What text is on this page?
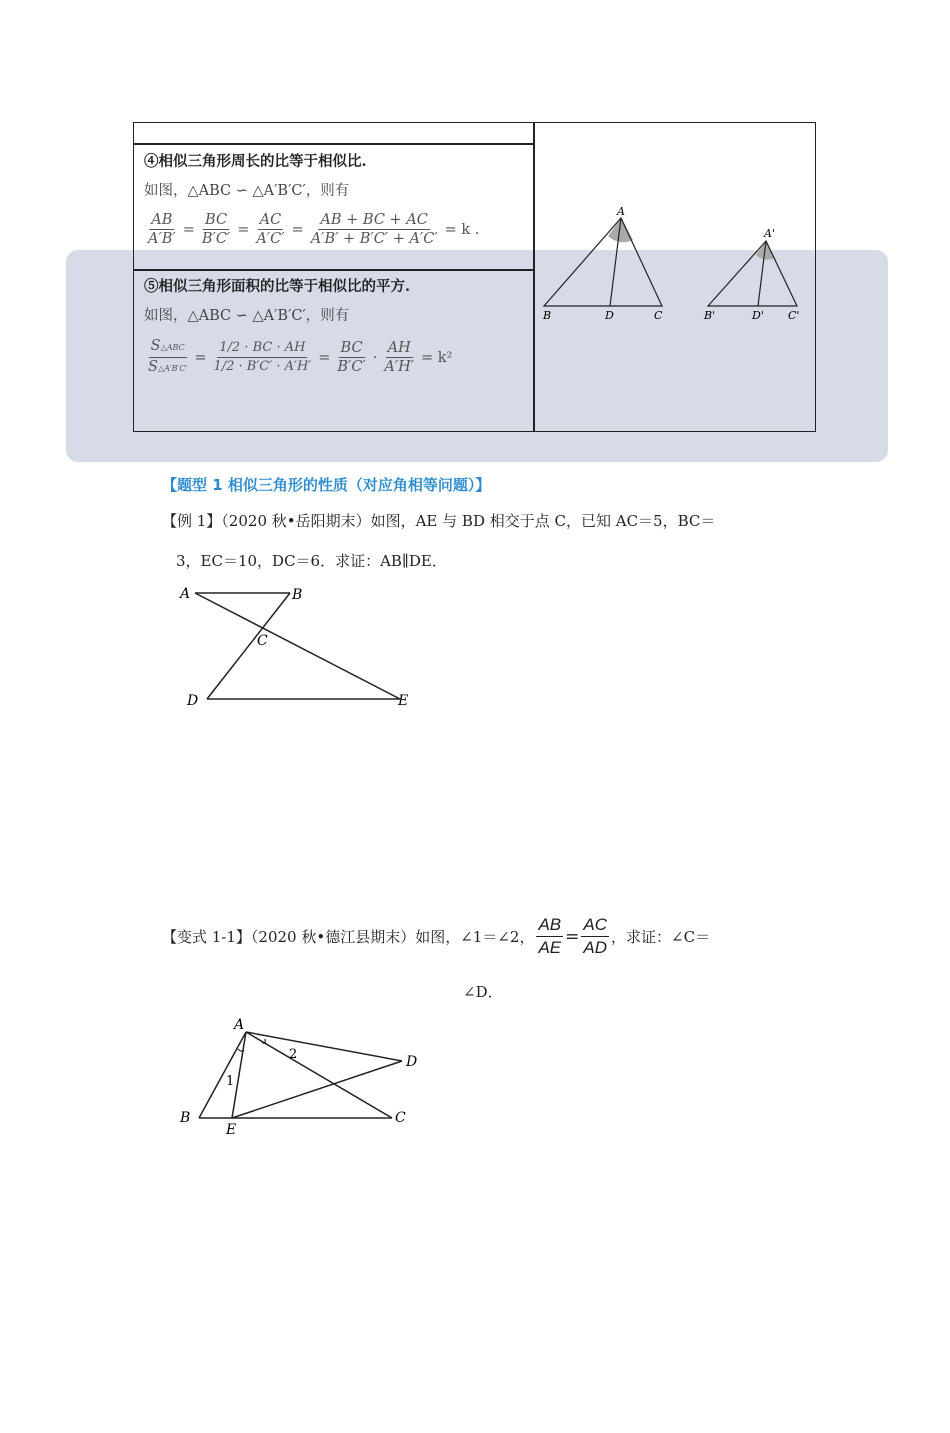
④相似三角形周长的比等于相似比.
如图，△ABC ∽ △A′B′C′，则有
$\frac{AB}{A'B'} = \frac{BC}{B'C'} = \frac{AC}{A'C'} = \frac{AB + BC + AC}{A'B' + B'C' + A'C'} = k$ .
⑤相似三角形面积的比等于相似比的平方.
如图，△ABC ∽ △A′B′C′，则有
$\frac{\text{S△ABC}}{S\triangle A'B'C'} = \frac{1/2 \cdot BC \cdot AH}{1/2 \cdot B'C' \cdot A'H'} = \frac{BC}{B'C'} \cdot \frac{AH}{A'H'} = k^2$
A
B	D	C
A'
B'	D' C'
【题型 1 相似三角形的性质（对应角相等问题）】
【例 1】（2020 秋•岳阳期末）如图，AE 与 BD 相交于点 C，已知 AC＝5，BC＝
3，EC＝10，DC＝6．求证：AB∥DE．
A	B
C
D	E
【变式 1-1】（2020 秋•德江县期末）如图，∠1＝∠2， $\frac{AB}{AE} = \frac{AC}{AD}$ ，求证：∠C＝
∠D．
A
B
E
C
D
1
2
